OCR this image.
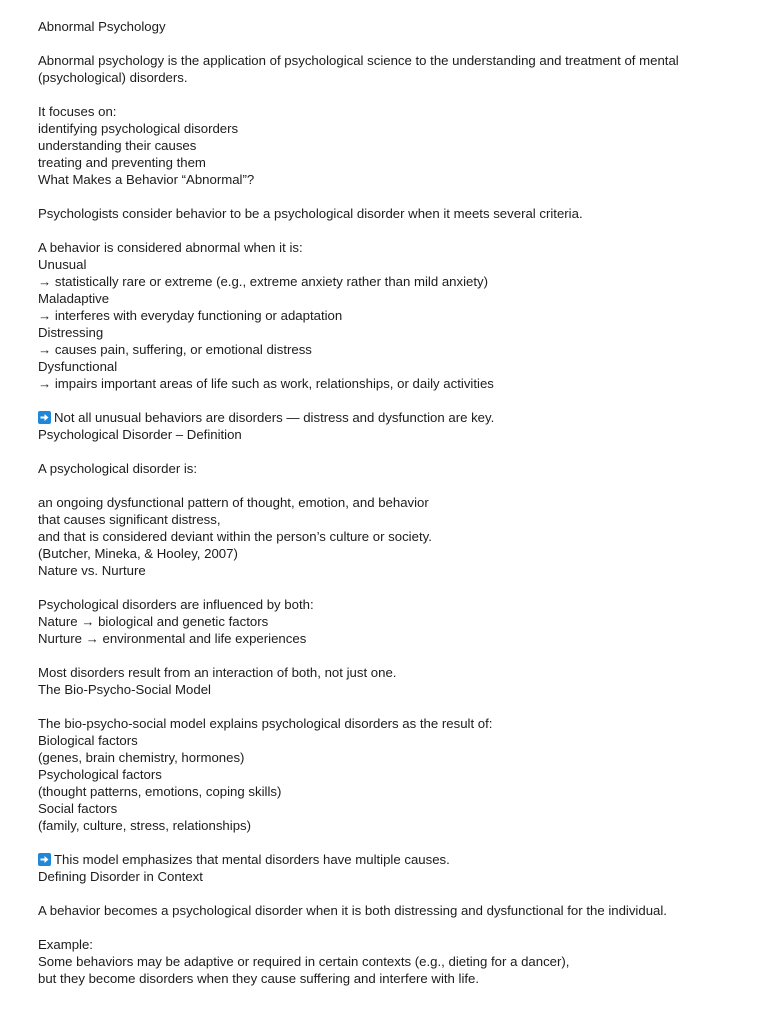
Abnormal Psychology
Abnormal psychology is the application of psychological science to the understanding and treatment of mental (psychological) disorders.
It focuses on:
identifying psychological disorders
understanding their causes
treating and preventing them
What Makes a Behavior “Abnormal”?
Psychologists consider behavior to be a psychological disorder when it meets several criteria.
A behavior is considered abnormal when it is:
Unusual
→ statistically rare or extreme (e.g., extreme anxiety rather than mild anxiety)
Maladaptive
→ interferes with everyday functioning or adaptation
Distressing
→ causes pain, suffering, or emotional distress
Dysfunctional
→ impairs important areas of life such as work, relationships, or daily activities
Not all unusual behaviors are disorders — distress and dysfunction are key.
Psychological Disorder – Definition
A psychological disorder is:
an ongoing dysfunctional pattern of thought, emotion, and behavior
that causes significant distress,
and that is considered deviant within the person’s culture or society.
(Butcher, Mineka, & Hooley, 2007)
Nature vs. Nurture
Psychological disorders are influenced by both:
Nature → biological and genetic factors
Nurture → environmental and life experiences
Most disorders result from an interaction of both, not just one.
The Bio-Psycho-Social Model
The bio-psycho-social model explains psychological disorders as the result of:
Biological factors
(genes, brain chemistry, hormones)
Psychological factors
(thought patterns, emotions, coping skills)
Social factors
(family, culture, stress, relationships)
This model emphasizes that mental disorders have multiple causes.
Defining Disorder in Context
A behavior becomes a psychological disorder when it is both distressing and dysfunctional for the individual.
Example:
Some behaviors may be adaptive or required in certain contexts (e.g., dieting for a dancer),
but they become disorders when they cause suffering and interfere with life.
